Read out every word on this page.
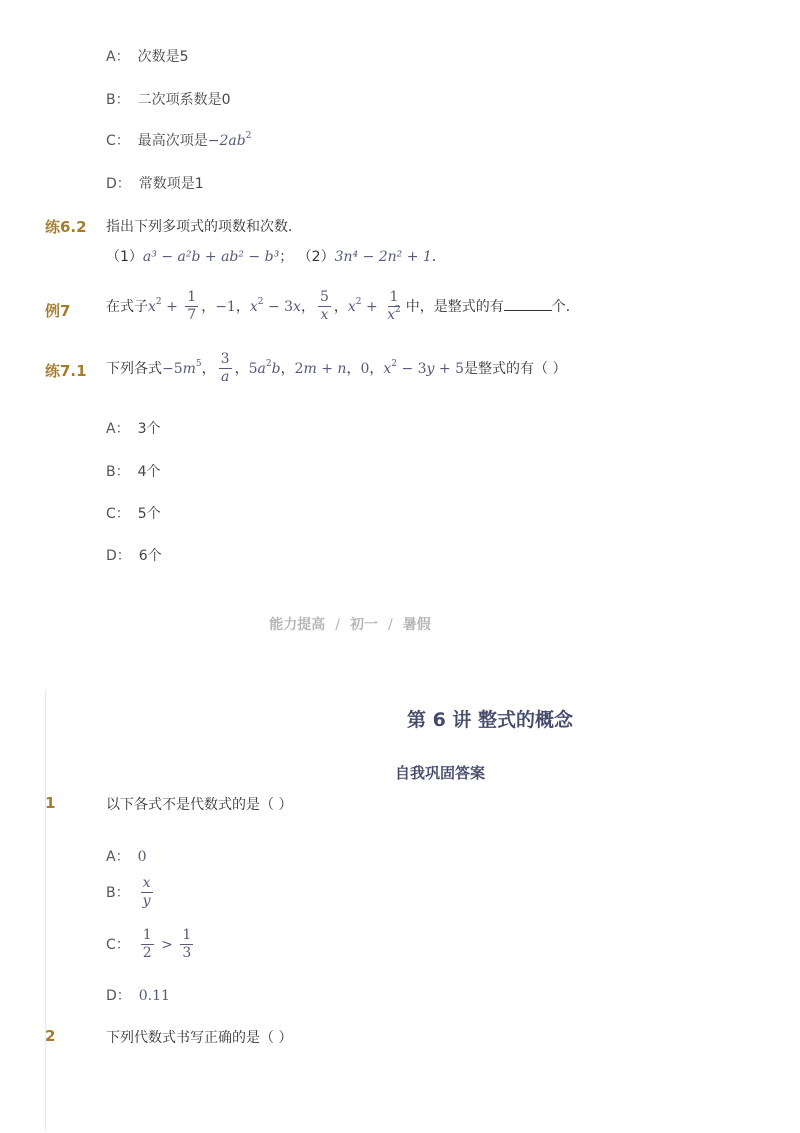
A： 次数是5
B： 二次项系数是0
C： 最高次项是$-2ab^2$
D： 常数项是1
练6.2 指出下列多项式的项数和次数．
（1）a³ − a²b + ab² − b³； （2）3n⁴ − 2n² + 1．
例7	在式子$x^2 + \frac{1}{7}$ ，−1，$x^2 - 3x$， $\frac{5}{x}$ ，$x^2 + \frac{1}{x^2}$ 中，是整式的有	个．
练7.1 下列各式$-5m^5$， $\frac{3}{a}$ ，$5a^2b$，2m + n，0，$x^2 - 3y + 5$是整式的有（ ）
A： 3个
B： 4个
C： 5个
D： 6个
能力提高 / 初一 / 暑假
第 6 讲 整式的概念
自我巩固答案
1	以下各式不是代数式的是（ ）
A： 0
B： $\frac{x}{y}$
C： $\frac{1}{2} > \frac{1}{3}$
D： 0.11
2	下列代数式书写正确的是（ ）
